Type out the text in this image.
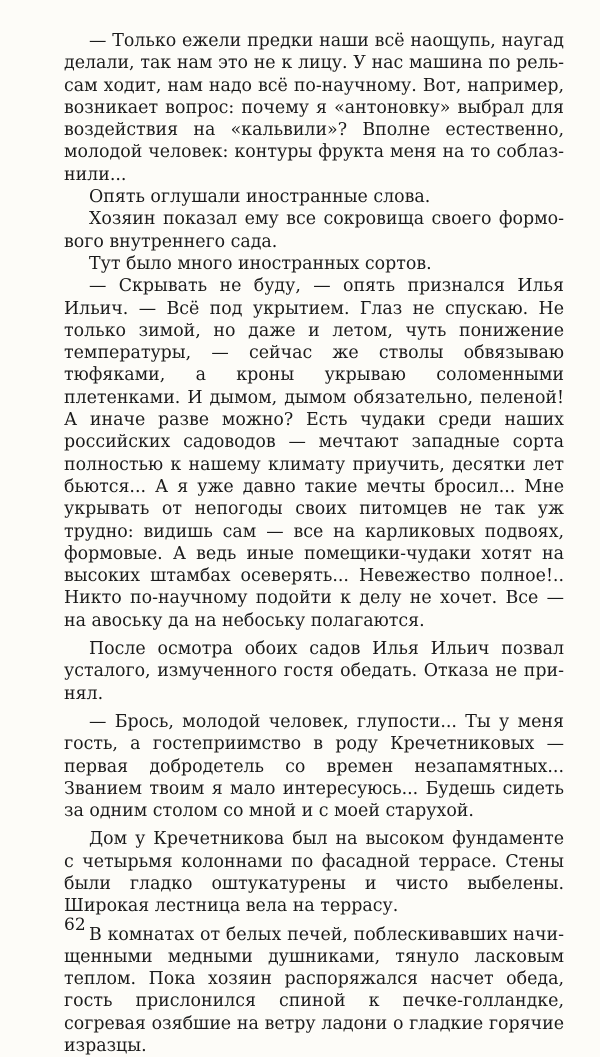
— Только ежели предки наши всё наощупь, наугад делали, так нам это не к лицу. У нас машина по рельсам ходит, нам надо всё по-научному. Вот, например, возникает вопрос: почему я «антоновку» выбрал для воздействия на «кальвили»? Вполне естественно, молодой человек: контуры фрукта меня на то соблазнили...

Опять оглушали иностранные слова.

Хозяин показал ему все сокровища своего формового внутреннего сада.

Тут было много иностранных сортов.

— Скрывать не буду, — опять признался Илья Ильич. — Всё под укрытием. Глаз не спускаю. Не только зимой, но даже и летом, чуть понижение температуры, — сейчас же стволы обвязываю тюфяками, а кроны укрываю соломенными плетенками. И дымом, дымом обязательно, пеленой! А иначе разве можно? Есть чудаки среди наших российских садоводов — мечтают западные сорта полностью к нашему климату приучить, десятки лет бьются... А я уже давно такие мечты бросил... Мне укрывать от непогоды своих питомцев не так уж трудно: видишь сам — все на карликовых подвоях, формовые. А ведь иные помещики-чудаки хотят на высоких штамбах осеверять... Невежество полное!.. Никто по-научному подойти к делу не хочет. Все — на авоську да на небоську полагаются.

После осмотра обоих садов Илья Ильич позвал усталого, измученного гостя обедать. Отказа не принял.

— Брось, молодой человек, глупости... Ты у меня гость, а гостеприимство в роду Кречетниковых — первая добродетель со времен незапамятных... Званием твоим я мало интересуюсь... Будешь сидеть за одним столом со мной и с моей старухой.

Дом у Кречетникова был на высоком фундаменте с четырьмя колоннами по фасадной террасе. Стены были гладко оштукатурены и чисто выбелены. Широкая лестница вела на террасу.

В комнатах от белых печей, поблескивавших начищенными медными душниками, тянуло ласковым теплом. Пока хозяин распоряжался насчет обеда, гость прислонился спиной к печке-голландке, согревая озябшие на ветру ладони о гладкие горячие изразцы.

62
